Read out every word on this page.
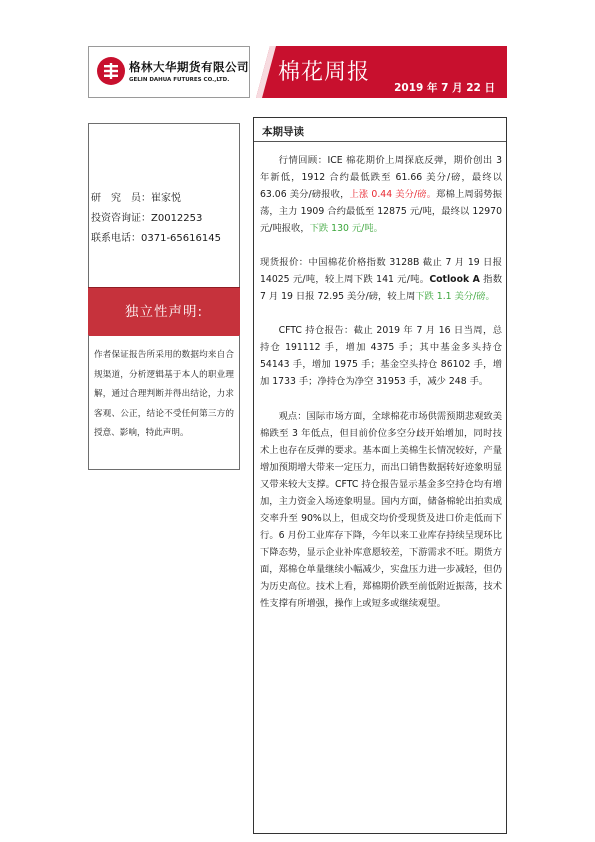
格林大华期货有限公司
GELIN DAHUA FUTURES CO.,LTD. 棉花周报
2019 年 7 月 22 日
研　究　员：崔家悦
投资咨询证：Z0012253
联系电话：0371-65616145
独立性声明:
作者保证报告所采用的数据均来自合规渠道，分析逻辑基于本人的职业理解，通过合理判断并得出结论，力求客观、公正，结论不受任何第三方的授意、影响，特此声明。
本期导读
行情回顾：ICE 棉花期价上周探底反弹，期价创出 3 年新低，1912 合约最低跌至 61.66 美分/磅，最终以 63.06 美分/磅报收，上涨 0.44 美分/磅。郑棉上周弱势振荡，主力 1909 合约最低至 12875 元/吨，最终以 12970 元/吨报收，下跌 130 元/吨。
现货报价：中国棉花价格指数 3128B 截止 7 月 19 日报 14025 元/吨，较上周下跌 141 元/吨。Cotlook A 指数 7 月 19 日报 72.95 美分/磅，较上周下跌 1.1 美分/磅。
CFTC 持仓报告：截止 2019 年 7 月 16 日当周，总持仓 191112 手，增加 4375 手；其中基金多头持仓 54143 手，增加 1975 手；基金空头持仓 86102 手，增加 1733 手；净持仓为净空 31953 手，减少 248 手。
观点：国际市场方面，全球棉花市场供需预期悲观致美棉跌至 3 年低点，但目前价位多空分歧开始增加，同时技术上也存在反弹的要求。基本面上美棉生长情况较好，产量增加预期增大带来一定压力，而出口销售数据转好迹象明显又带来较大支撑。CFTC 持仓报告显示基金多空持仓均有增加，主力资金入场迹象明显。国内方面，储备棉轮出拍卖成交率升至 90%以上，但成交均价受现货及进口价走低而下行。6 月份工业库存下降，今年以来工业库存持续呈现环比下降态势，显示企业补库意愿较差，下游需求不旺。期货方面，郑棉仓单量继续小幅减少，实盘压力进一步减轻，但仍为历史高位。技术上看，郑棉期价跌至前低附近振荡，技术性支撑有所增强，操作上或短多或继续观望。
